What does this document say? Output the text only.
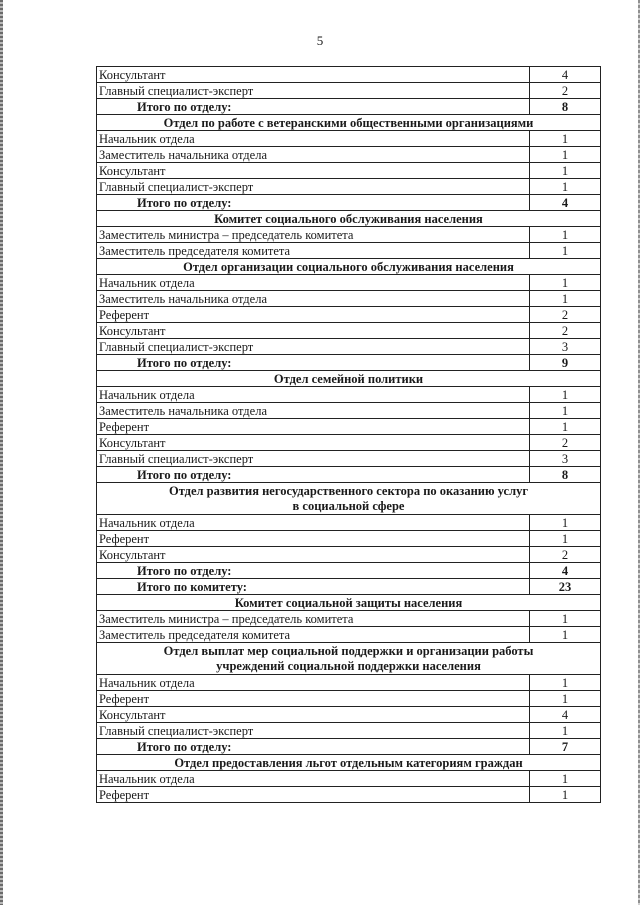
5
Консультант	4
Главный специалист-эксперт	2
Итого по отделу:	8
Отдел по работе с ветеранскими общественными организациями	
Начальник отдела	1
Заместитель начальника отдела	1
Консультант	1
Главный специалист-эксперт	1
Итого по отделу:	4
Комитет социального обслуживания населения	
Заместитель министра – председатель комитета	1
Заместитель председателя комитета	1
Отдел организации социального обслуживания населения	
Начальник отдела	1
Заместитель начальника отдела	1
Референт	2
Консультант	2
Главный специалист-эксперт	3
Итого по отделу:	9
Отдел семейной политики	
Начальник отдела	1
Заместитель начальника отдела	1
Референт	1
Консультант	2
Главный специалист-эксперт	3
Итого по отделу:	8
Отдел развития негосударственного сектора по оказанию услуг
в социальной сфере	
Начальник отдела	1
Референт	1
Консультант	2
Итого по отделу:	4
Итого по комитету:	23
Комитет социальной защиты населения	
Заместитель министра – председатель комитета	1
Заместитель председателя комитета	1
Отдел выплат мер социальной поддержки и организации работы
учреждений социальной поддержки населения	
Начальник отдела	1
Референт	1
Консультант	4
Главный специалист-эксперт	1
Итого по отделу:	7
Отдел предоставления льгот отдельным категориям граждан	
Начальник отдела	1
Референт	1
